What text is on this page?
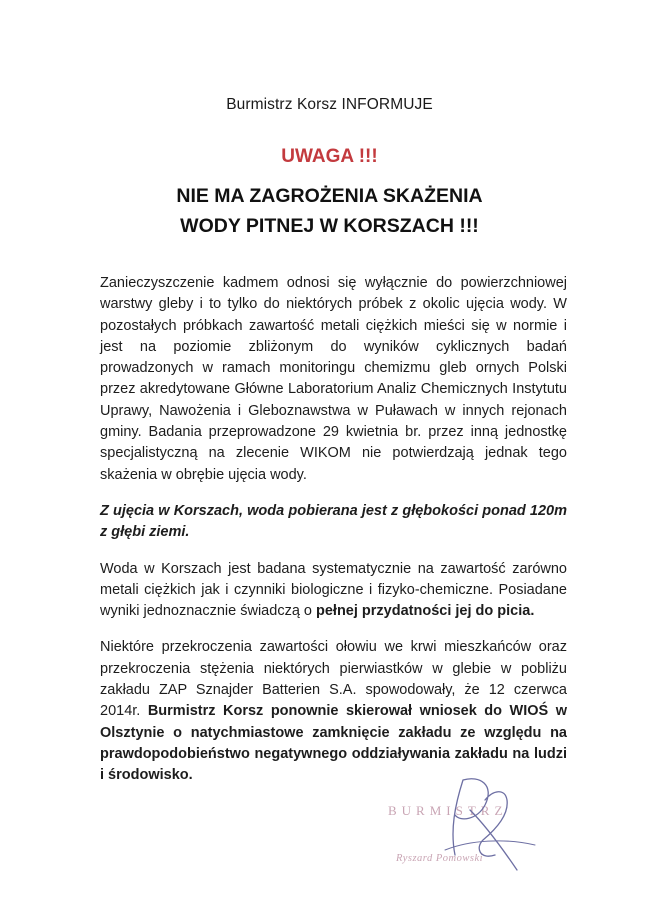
Burmistrz Korsz INFORMUJE
UWAGA !!!
NIE MA ZAGROŻENIA SKAŻENIA
WODY PITNEJ W KORSZACH !!!

Zanieczyszczenie kadmem odnosi się wyłącznie do powierzchniowej warstwy gleby i to tylko do niektórych próbek z okolic ujęcia wody. W pozostałych próbkach zawartość metali ciężkich mieści się w normie i jest na poziomie zbliżonym do wyników cyklicznych badań prowadzonych w ramach monitoringu chemizmu gleb ornych Polski przez akredytowane Główne Laboratorium Analiz Chemicznych Instytutu Uprawy, Nawożenia i Gleboznawstwa w Puławach w innych rejonach gminy. Badania przeprowadzone 29 kwietnia br. przez inną jednostkę specjalistyczną na zlecenie WIKOM nie potwierdzają jednak tego skażenia w obrębie ujęcia wody.

Z ujęcia w Korszach, woda pobierana jest z głębokości ponad 120m z głębi ziemi.

Woda w Korszach jest badana systematycznie na zawartość zarówno metali ciężkich jak i czynniki biologiczne i fizyko-chemiczne. Posiadane wyniki jednoznacznie świadczą o pełnej przydatności jej do picia.

Niektóre przekroczenia zawartości ołowiu we krwi mieszkańców oraz przekroczenia stężenia niektórych pierwiastków w glebie w pobliżu zakładu ZAP Sznajder Batterien S.A. spowodowały, że 12 czerwca 2014r. Burmistrz Korsz ponownie skierował wniosek do WIOŚ w Olsztynie o natychmiastowe zamknięcie zakładu ze względu na prawdopodobieństwo negatywnego oddziaływania zakładu na ludzi i środowisko.

BURMISTRZ
Ryszard Pomowski
